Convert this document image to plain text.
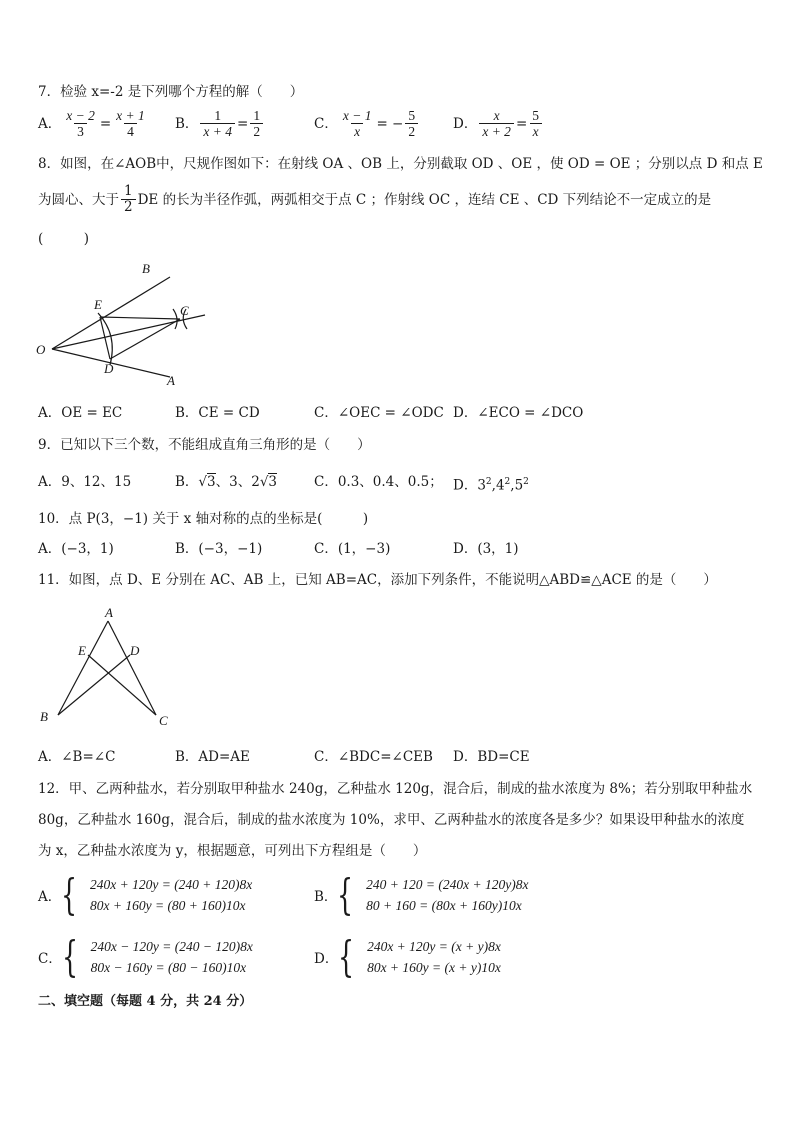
7．检验 x=-2 是下列哪个方程的解（　　）
A． $\frac{x - 2}{3} = \frac{x + 1}{4}$ B． $\frac{1}{x + 4} = \frac{1}{2}$	C． $\frac{x - 1}{x}$ = − $\frac{5}{2}$	D． $\frac{x}{x + 2} = \frac{5}{x}$
8．如图，在∠AOB中，尺规作图如下：在射线 OA 、OB 上，分别截取 OD 、OE ，使 OD = OE ；分别以点 D 和点 E
为圆心、大于 $\frac{1}{2}$ DE 的长为半径作弧，两弧相交于点 C ；作射线 OC ，连结 CE 、CD 下列结论不一定成立的是
(　　　)
O
A
B
C
D
E
A．OE = EC	B．CE = CD	C．∠OEC = ∠ODC D．∠ECO = ∠DCO
9．已知以下三个数，不能组成直角三角形的是（　　）
A．9、12、15	B．√3、3、2√3	C．0.3、0.4、0.5； D．$3^2,4^2,5^2$
10．点 P(3，−1) 关于 x 轴对称的点的坐标是(　　　)
A．(−3，1)	B．(−3，−1)	C．(1，−3)	D．(3，1)
11．如图，点 D、E 分别在 AC、AB 上，已知 AB=AC，添加下列条件，不能说明△ABD≌△ACE 的是（　　）
A
B	C
D
E
A．∠B=∠C	B．AD=AE	C．∠BDC=∠CEB D．BD=CE
12．甲、乙两种盐水，若分别取甲种盐水 240g，乙种盐水 120g，混合后，制成的盐水浓度为 8%；若分别取甲种盐水
80g，乙种盐水 160g，混合后，制成的盐水浓度为 10%，求甲、乙两种盐水的浓度各是多少？如果设甲种盐水的浓度
为 x，乙种盐水浓度为 y，根据题意，可列出下方程组是（　　）
A． { 240x + 120y = (240 + 120)8x
80x + 160y = (80 + 160)10x
B． { 240 + 120 = (240x + 120y)8x
80 + 160 = (80x + 160y)10x
C． { 240x − 120y = (240 − 120)8x
80x − 160y = (80 − 160)10x
D． { 240x + 120y = (x + y)8x
80x + 160y = (x + y)10x
二、填空题（每题 4 分，共 24 分）
